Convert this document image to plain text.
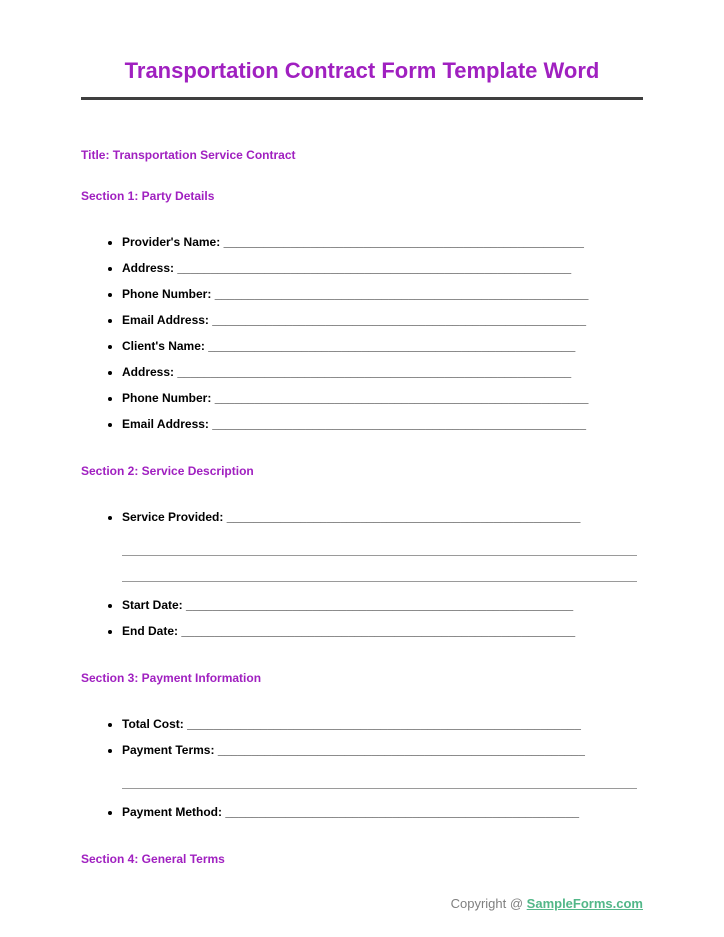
Transportation Contract Form Template Word

Title: Transportation Service Contract

Section 1: Party Details

• Provider's Name: ______________________________________________________
• Address: ___________________________________________________________
• Phone Number: ________________________________________________________
• Email Address: ________________________________________________________
• Client's Name: _______________________________________________________
• Address: ___________________________________________________________
• Phone Number: ________________________________________________________
• Email Address: ________________________________________________________

Section 2: Service Description

• Service Provided: _____________________________________________________
• Start Date: __________________________________________________________
• End Date: ___________________________________________________________

Section 3: Payment Information

• Total Cost: ___________________________________________________________
• Payment Terms: _______________________________________________________
• Payment Method: _____________________________________________________

Section 4: General Terms

Copyright @ SampleForms.com
